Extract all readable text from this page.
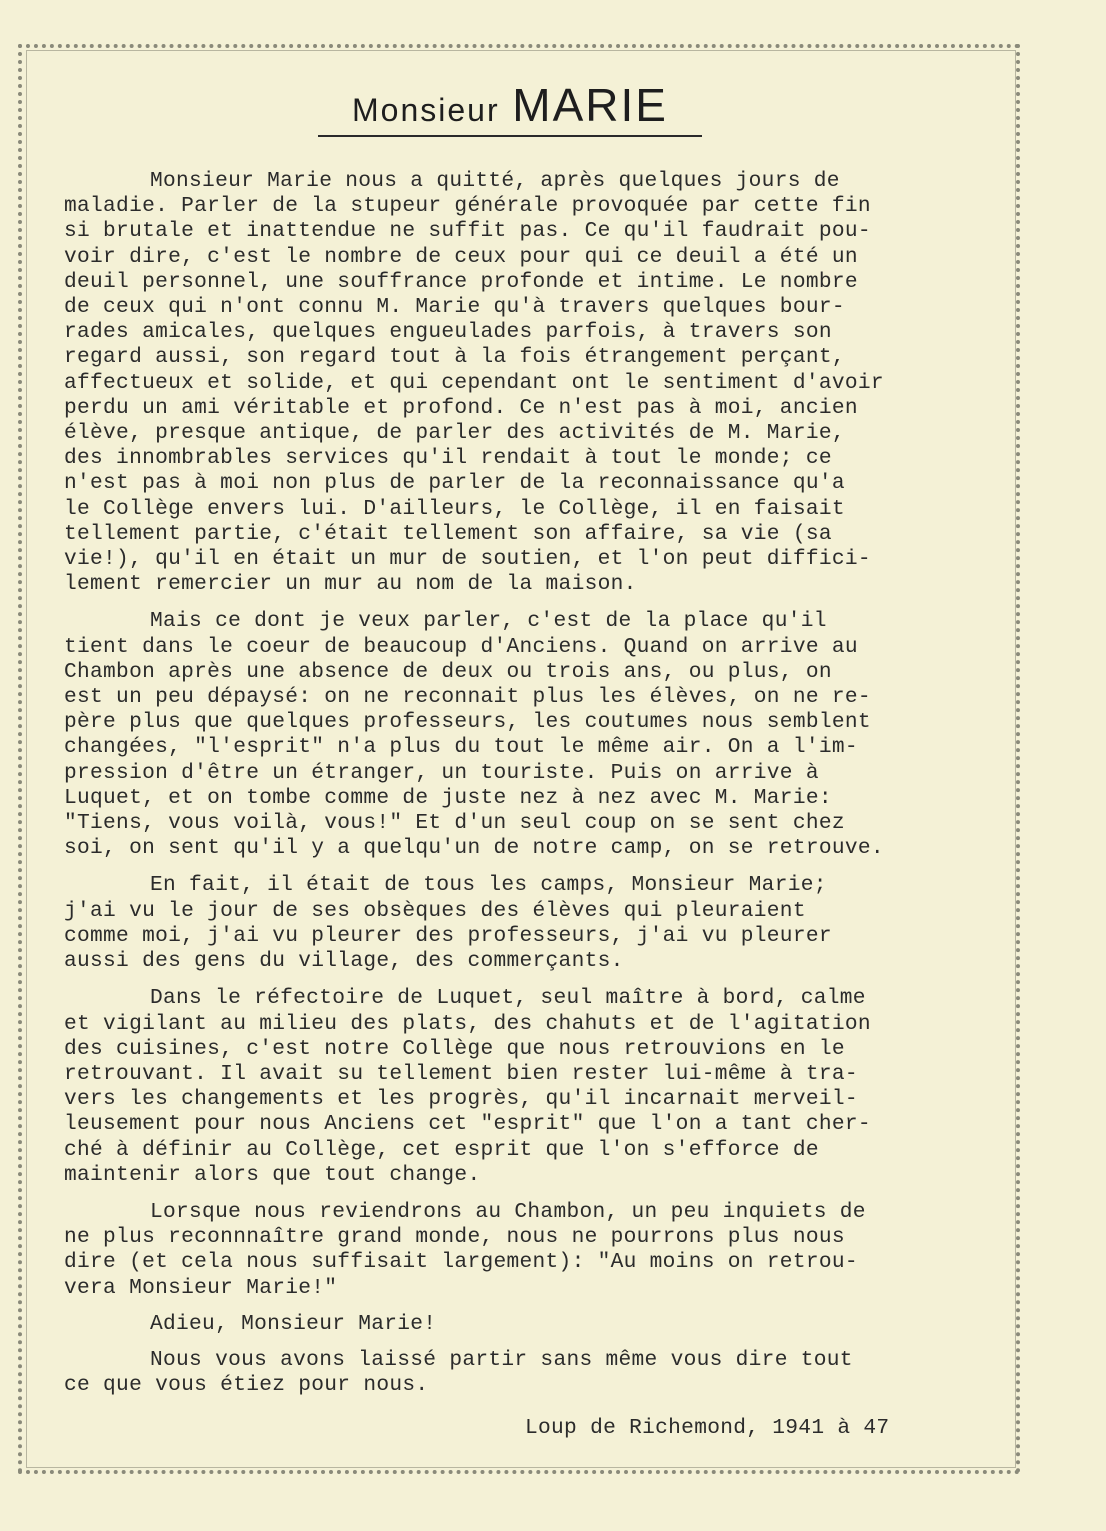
Monsieur MARIE

Monsieur Marie nous a quitté, après quelques jours de
maladie. Parler de la stupeur générale provoquée par cette fin
si brutale et inattendue ne suffit pas. Ce qu'il faudrait pou-
voir dire, c'est le nombre de ceux pour qui ce deuil a été un
deuil personnel, une souffrance profonde et intime. Le nombre
de ceux qui n'ont connu M. Marie qu'à travers quelques bour-
rades amicales, quelques engueulades parfois, à travers son
regard aussi, son regard tout à la fois étrangement perçant,
affectueux et solide, et qui cependant ont le sentiment d'avoir
perdu un ami véritable et profond. Ce n'est pas à moi, ancien
élève, presque antique, de parler des activités de M. Marie,
des innombrables services qu'il rendait à tout le monde; ce
n'est pas à moi non plus de parler de la reconnaissance qu'a
le Collège envers lui. D'ailleurs, le Collège, il en faisait
tellement partie, c'était tellement son affaire, sa vie (sa
vie!), qu'il en était un mur de soutien, et l'on peut diffici-
lement remercier un mur au nom de la maison.

Mais ce dont je veux parler, c'est de la place qu'il
tient dans le coeur de beaucoup d'Anciens. Quand on arrive au
Chambon après une absence de deux ou trois ans, ou plus, on
est un peu dépaysé: on ne reconnait plus les élèves, on ne re-
père plus que quelques professeurs, les coutumes nous semblent
changées, "l'esprit" n'a plus du tout le même air. On a l'im-
pression d'être un étranger, un touriste. Puis on arrive à
Luquet, et on tombe comme de juste nez à nez avec M. Marie:
"Tiens, vous voilà, vous!" Et d'un seul coup on se sent chez
soi, on sent qu'il y a quelqu'un de notre camp, on se retrouve.

En fait, il était de tous les camps, Monsieur Marie;
j'ai vu le jour de ses obsèques des élèves qui pleuraient
comme moi, j'ai vu pleurer des professeurs, j'ai vu pleurer
aussi des gens du village, des commerçants.

Dans le réfectoire de Luquet, seul maître à bord, calme
et vigilant au milieu des plats, des chahuts et de l'agitation
des cuisines, c'est notre Collège que nous retrouvions en le
retrouvant. Il avait su tellement bien rester lui-même à tra-
vers les changements et les progrès, qu'il incarnait merveil-
leusement pour nous Anciens cet "esprit" que l'on a tant cher-
ché à définir au Collège, cet esprit que l'on s'efforce de
maintenir alors que tout change.

Lorsque nous reviendrons au Chambon, un peu inquiets de
ne plus reconnnaître grand monde, nous ne pourrons plus nous
dire (et cela nous suffisait largement): "Au moins on retrou-
vera Monsieur Marie!"

Adieu, Monsieur Marie!

Nous vous avons laissé partir sans même vous dire tout
ce que vous étiez pour nous.

Loup de Richemond, 1941 à 47
